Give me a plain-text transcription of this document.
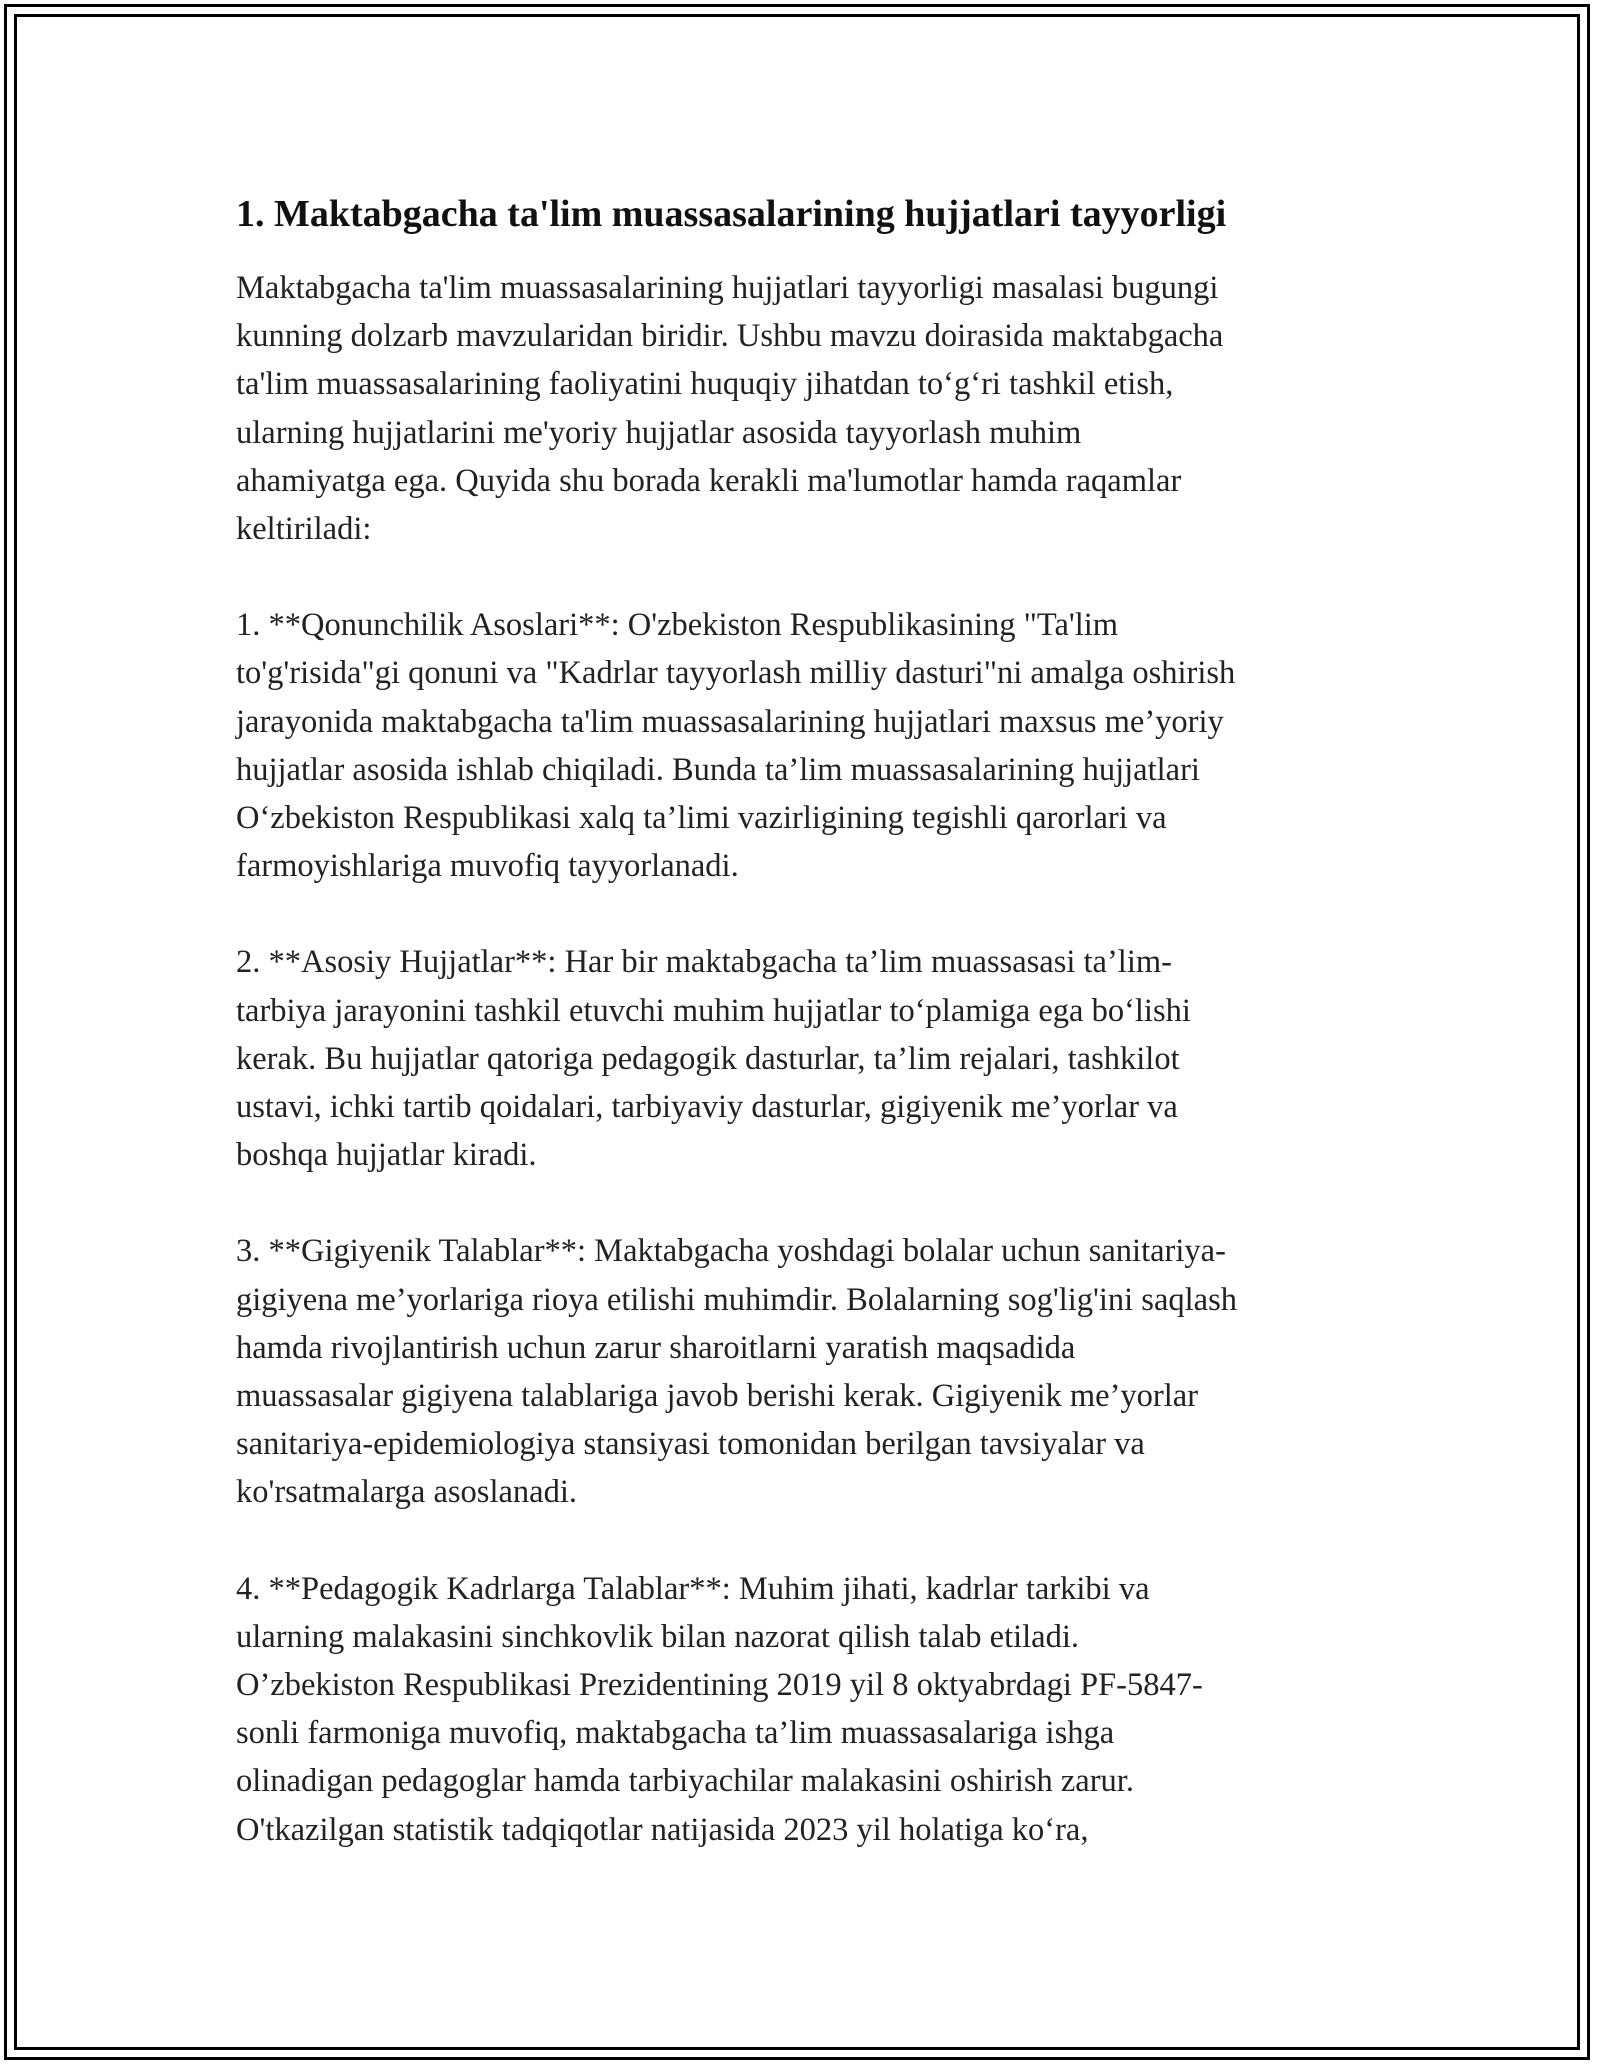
1. Maktabgacha ta'lim muassasalarining hujjatlari tayyorligi

Maktabgacha ta'lim muassasalarining hujjatlari tayyorligi masalasi bugungi
kunning dolzarb mavzularidan biridir. Ushbu mavzu doirasida maktabgacha
ta'lim muassasalarining faoliyatini huquqiy jihatdan to‘g‘ri tashkil etish,
ularning hujjatlarini me'yoriy hujjatlar asosida tayyorlash muhim
ahamiyatga ega. Quyida shu borada kerakli ma'lumotlar hamda raqamlar
keltiriladi:

1. **Qonunchilik Asoslari**: O'zbekiston Respublikasining "Ta'lim
to'g'risida"gi qonuni va "Kadrlar tayyorlash milliy dasturi"ni amalga oshirish
jarayonida maktabgacha ta'lim muassasalarining hujjatlari maxsus me’yoriy
hujjatlar asosida ishlab chiqiladi. Bunda ta’lim muassasalarining hujjatlari
O‘zbekiston Respublikasi xalq ta’limi vazirligining tegishli qarorlari va
farmoyishlariga muvofiq tayyorlanadi.

2. **Asosiy Hujjatlar**: Har bir maktabgacha ta’lim muassasasi ta’lim-
tarbiya jarayonini tashkil etuvchi muhim hujjatlar to‘plamiga ega bo‘lishi
kerak. Bu hujjatlar qatoriga pedagogik dasturlar, ta’lim rejalari, tashkilot
ustavi, ichki tartib qoidalari, tarbiyaviy dasturlar, gigiyenik me’yorlar va
boshqa hujjatlar kiradi.

3. **Gigiyenik Talablar**: Maktabgacha yoshdagi bolalar uchun sanitariya-
gigiyena me’yorlariga rioya etilishi muhimdir. Bolalarning sog'lig'ini saqlash
hamda rivojlantirish uchun zarur sharoitlarni yaratish maqsadida
muassasalar gigiyena talablariga javob berishi kerak. Gigiyenik me’yorlar
sanitariya-epidemiologiya stansiyasi tomonidan berilgan tavsiyalar va
ko'rsatmalarga asoslanadi.

4. **Pedagogik Kadrlarga Talablar**: Muhim jihati, kadrlar tarkibi va
ularning malakasini sinchkovlik bilan nazorat qilish talab etiladi.
O’zbekiston Respublikasi Prezidentining 2019 yil 8 oktyabrdagi PF-5847-
sonli farmoniga muvofiq, maktabgacha ta’lim muassasalariga ishga
olinadigan pedagoglar hamda tarbiyachilar malakasini oshirish zarur.
O'tkazilgan statistik tadqiqotlar natijasida 2023 yil holatiga ko‘ra,
